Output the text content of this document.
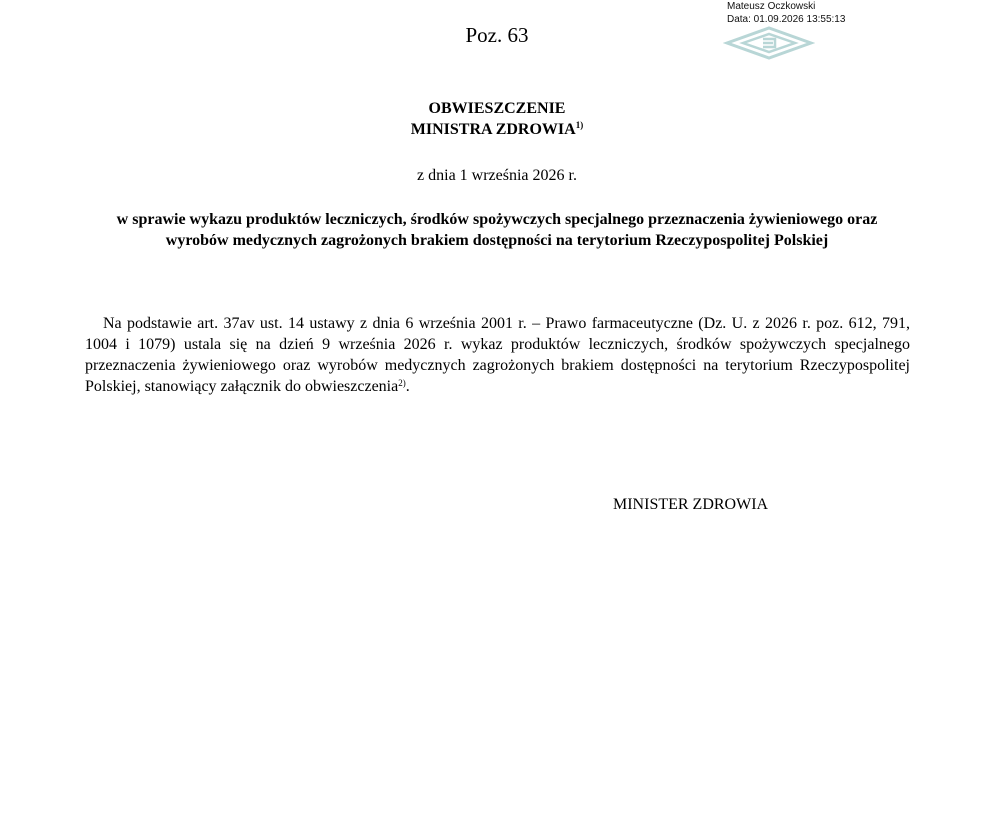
Mateusz Oczkowski
Data: 01.09.2026 13:55:13
Poz. 63
OBWIESZCZENIE
MINISTRA ZDROWIA$^{1)}$
z dnia 1 września 2026 r.
w sprawie wykazu produktów leczniczych, środków spożywczych specjalnego przeznaczenia żywieniowego oraz wyrobów medycznych zagrożonych brakiem dostępności na terytorium Rzeczypospolitej Polskiej
Na podstawie art. 37av ust. 14 ustawy z dnia 6 września 2001 r. – Prawo farmaceutyczne (Dz. U. z 2026 r. poz. 612, 791, 1004 i 1079) ustala się na dzień 9 września 2026 r. wykaz produktów leczniczych, środków spożywczych specjalnego przeznaczenia żywieniowego oraz wyrobów medycznych zagrożonych brakiem dostępności na terytorium Rzeczypospolitej Polskiej, stanowiący załącznik do obwieszczenia$^{2)}$.
MINISTER ZDROWIA
